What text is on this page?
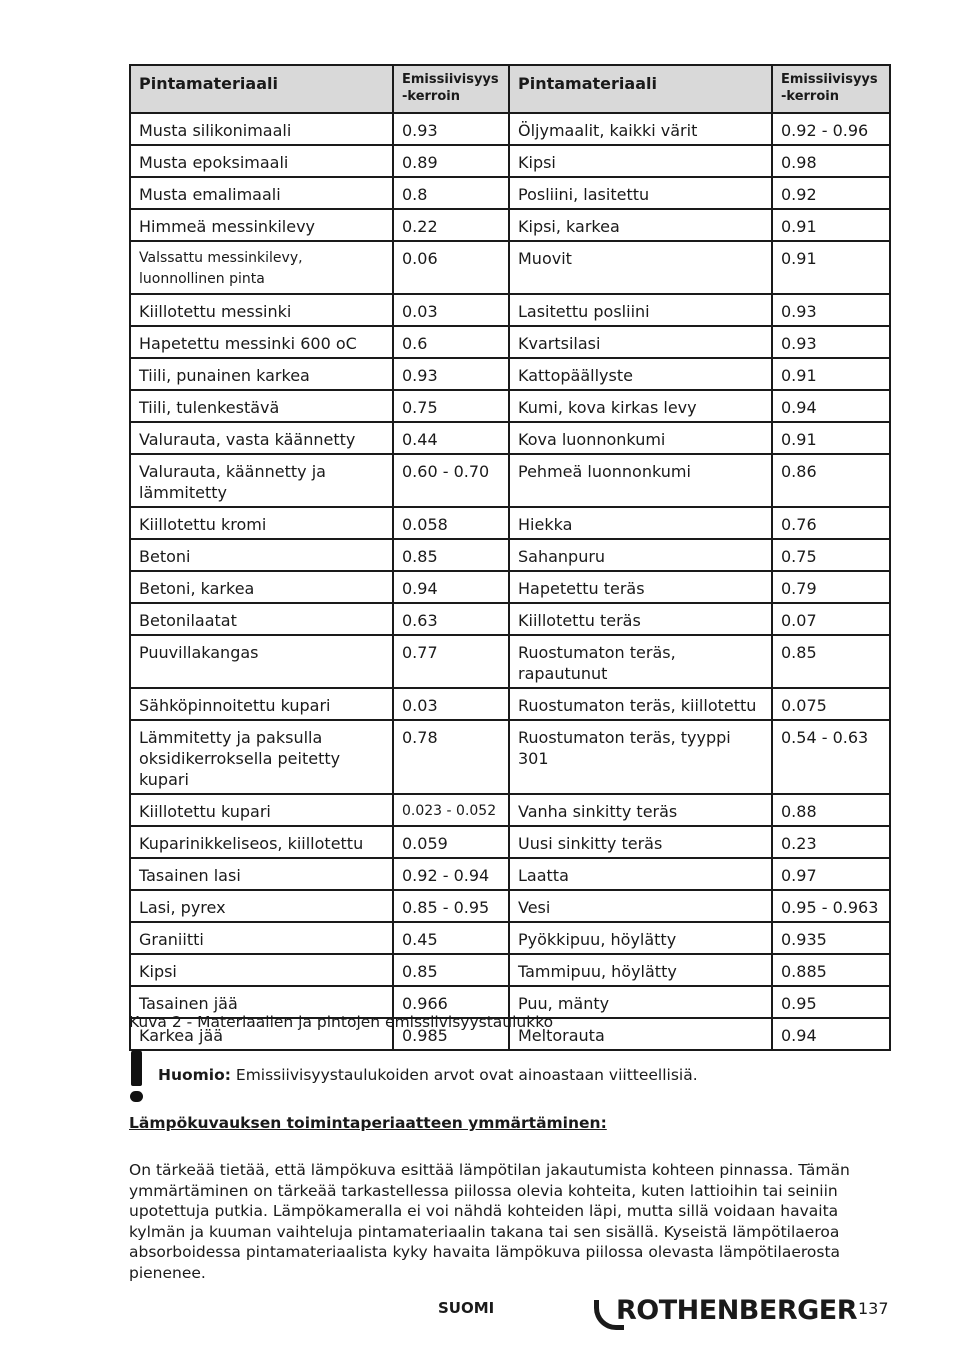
Pintamateriaali	Emissiivisyys-kerroin	Pintamateriaali	Emissiivisyys-kerroin
Musta silikonimaali	0.93	Öljymaalit, kaikki värit	0.92 - 0.96
Musta epoksimaali	0.89	Kipsi	0.98
Musta emalimaali	0.8	Posliini, lasitettu	0.92
Himmeä messinkilevy	0.22	Kipsi, karkea	0.91
Valssattu messinkilevy, luonnollinen pinta	0.06	Muovit	0.91
Kiillotettu messinki	0.03	Lasitettu posliini	0.93
Hapetettu messinki 600 oC	0.6	Kvartsilasi	0.93
Tiili, punainen karkea	0.93	Kattopäällyste	0.91
Tiili, tulenkestävä	0.75	Kumi, kova kirkas levy	0.94
Valurauta, vasta käännetty	0.44	Kova luonnonkumi	0.91
Valurauta, käännetty ja lämmitetty	0.60 - 0.70	Pehmeä luonnonkumi	0.86
Kiillotettu kromi	0.058	Hiekka	0.76
Betoni	0.85	Sahanpuru	0.75
Betoni, karkea	0.94	Hapetettu teräs	0.79
Betonilaatat	0.63	Kiillotettu teräs	0.07
Puuvillakangas	0.77	Ruostumaton teräs, rapautunut	0.85
Sähköpinnoitettu kupari	0.03	Ruostumaton teräs, kiillotettu	0.075
Lämmitetty ja paksulla oksidikerroksella peitetty kupari	0.78	Ruostumaton teräs, tyyppi 301	0.54 - 0.63
Kiillotettu kupari	0.023 - 0.052	Vanha sinkitty teräs	0.88
Kuparinikkeliseos, kiillotettu	0.059	Uusi sinkitty teräs	0.23
Tasainen lasi	0.92 - 0.94	Laatta	0.97
Lasi, pyrex	0.85 - 0.95	Vesi	0.95 - 0.963
Graniitti	0.45	Pyökkipuu, höylätty	0.935
Kipsi	0.85	Tammipuu, höylätty	0.885
Tasainen jää	0.966	Puu, mänty	0.95
Karkea jää	0.985	Meltorauta	0.94
Kuva 2 - Materiaalien ja pintojen emissiivisyystaulukko
Huomio: Emissiivisyystaulukoiden arvot ovat ainoastaan viitteellisiä.
Lämpökuvauksen toimintaperiaatteen ymmärtäminen:
On tärkeää tietää, että lämpökuva esittää lämpötilan jakautumista kohteen pinnassa. Tämän ymmärtäminen on tärkeää tarkastellessa piilossa olevia kohteita, kuten lattioihin tai seiniin upotettuja putkia. Lämpökameralla ei voi nähdä kohteiden läpi, mutta sillä voidaan havaita kylmän ja kuuman vaihteluja pintamateriaalin takana tai sen sisällä. Kyseistä lämpötilaeroa absorboidessa pintamateriaalista kyky havaita lämpökuva piilossa olevasta lämpötilaerosta pienenee.
SUOMI	ROTHENBERGER 137
